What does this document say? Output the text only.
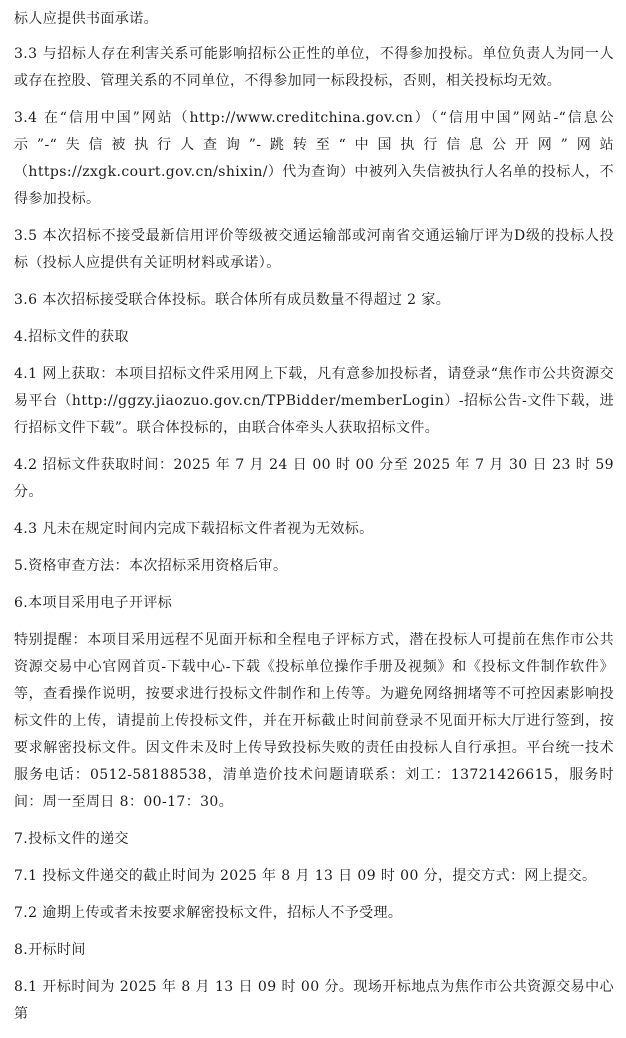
标人应提供书面承诺。

3.3 与招标人存在利害关系可能影响招标公正性的单位，不得参加投标。单位负责人为同一人或存在控股、管理关系的不同单位，不得参加同一标段投标，否则，相关投标均无效。

3.4 在“信用中国”网站（http://www.creditchina.gov.cn）（“信用中国”网站-“信息公示”-“失信被执行人查询”-跳转至“中国执行信息公开网”网站（https://zxgk.court.gov.cn/shixin/）代为查询）中被列入失信被执行人名单的投标人，不得参加投标。

3.5 本次招标不接受最新信用评价等级被交通运输部或河南省交通运输厅评为D级的投标人投标（投标人应提供有关证明材料或承诺）。

3.6 本次招标接受联合体投标。联合体所有成员数量不得超过 2 家。

4.招标文件的获取

4.1 网上获取：本项目招标文件采用网上下载，凡有意参加投标者，请登录“焦作市公共资源交易平台（http://ggzy.jiaozuo.gov.cn/TPBidder/memberLogin）-招标公告-文件下载，进行招标文件下载”。联合体投标的，由联合体牵头人获取招标文件。

4.2 招标文件获取时间：2025 年 7 月 24 日 00 时 00 分至 2025 年 7 月 30 日 23 时 59 分。

4.3 凡未在规定时间内完成下载招标文件者视为无效标。

5.资格审查方法：本次招标采用资格后审。

6.本项目采用电子开评标

特别提醒：本项目采用远程不见面开标和全程电子评标方式，潜在投标人可提前在焦作市公共资源交易中心官网首页-下载中心-下载《投标单位操作手册及视频》和《投标文件制作软件》等，查看操作说明，按要求进行投标文件制作和上传等。为避免网络拥堵等不可控因素影响投标文件的上传，请提前上传投标文件，并在开标截止时间前登录不见面开标大厅进行签到，按要求解密投标文件。因文件未及时上传导致投标失败的责任由投标人自行承担。平台统一技术服务电话：0512-58188538，清单造价技术问题请联系：刘工：13721426615，服务时间：周一至周日 8：00-17：30。

7.投标文件的递交

7.1 投标文件递交的截止时间为 2025 年 8 月 13 日 09 时 00 分，提交方式：网上提交。

7.2 逾期上传或者未按要求解密投标文件，招标人不予受理。

8.开标时间

8.1 开标时间为 2025 年 8 月 13 日 09 时 00 分。现场开标地点为焦作市公共资源交易中心第
